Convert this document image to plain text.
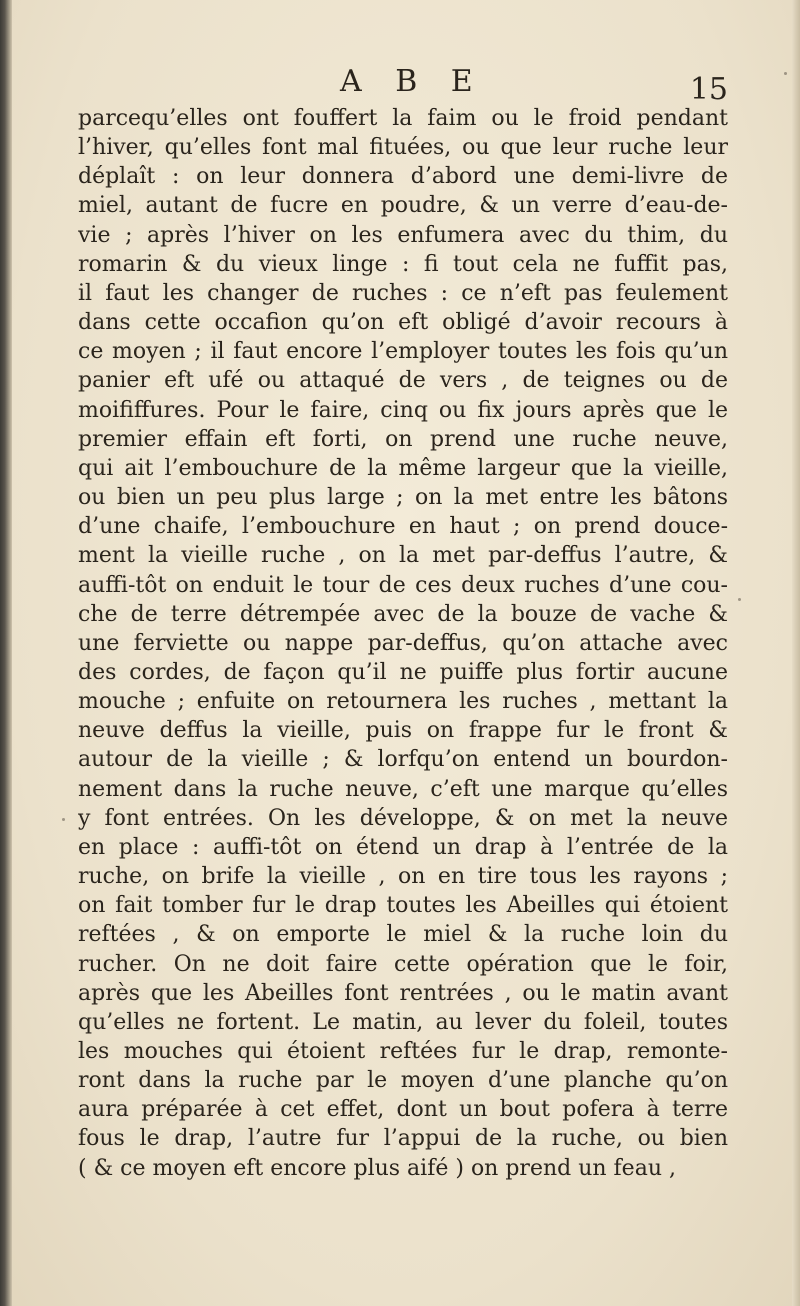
A B E	15
parcequ’elles ont fouffert la faim ou le froid pendant
l’hiver, qu’elles font mal fituées, ou que leur ruche leur
déplaît : on leur donnera d’abord une demi-livre de
miel, autant de fucre en poudre, & un verre d’eau-de-
vie ; après l’hiver on les enfumera avec du thim, du
romarin & du vieux linge : fi tout cela ne fuffit pas,
il faut les changer de ruches : ce n’eft pas feulement
dans cette occafion qu’on eft obligé d’avoir recours à
ce moyen ; il faut encore l’employer toutes les fois qu’un
panier eft ufé ou attaqué de vers , de teignes ou de
moififfures. Pour le faire, cinq ou fix jours après que le
premier effain eft forti, on prend une ruche neuve,
qui ait l’embouchure de la même largeur que la vieille,
ou bien un peu plus large ; on la met entre les bâtons
d’une chaife, l’embouchure en haut ; on prend douce-
ment la vieille ruche , on la met par-deffus l’autre, &
auffi-tôt on enduit le tour de ces deux ruches d’une cou-
che de terre détrempée avec de la bouze de vache &
une ferviette ou nappe par-deffus, qu’on attache avec
des cordes, de façon qu’il ne puiffe plus fortir aucune
mouche ; enfuite on retournera les ruches , mettant la
neuve deffus la vieille, puis on frappe fur le front &
autour de la vieille ; & lorfqu’on entend un bourdon-
nement dans la ruche neuve, c’eft une marque qu’elles
y font entrées. On les développe, & on met la neuve
en place : auffi-tôt on étend un drap à l’entrée de la
ruche, on brife la vieille , on en tire tous les rayons ;
on fait tomber fur le drap toutes les Abeilles qui étoient
reftées , & on emporte le miel & la ruche loin du
rucher. On ne doit faire cette opération que le foir,
après que les Abeilles font rentrées , ou le matin avant
qu’elles ne fortent. Le matin, au lever du foleil, toutes
les mouches qui étoient reftées fur le drap, remonte-
ront dans la ruche par le moyen d’une planche qu’on
aura préparée à cet effet, dont un bout pofera à terre
fous le drap, l’autre fur l’appui de la ruche, ou bien
( & ce moyen eft encore plus aifé ) on prend un feau ,
